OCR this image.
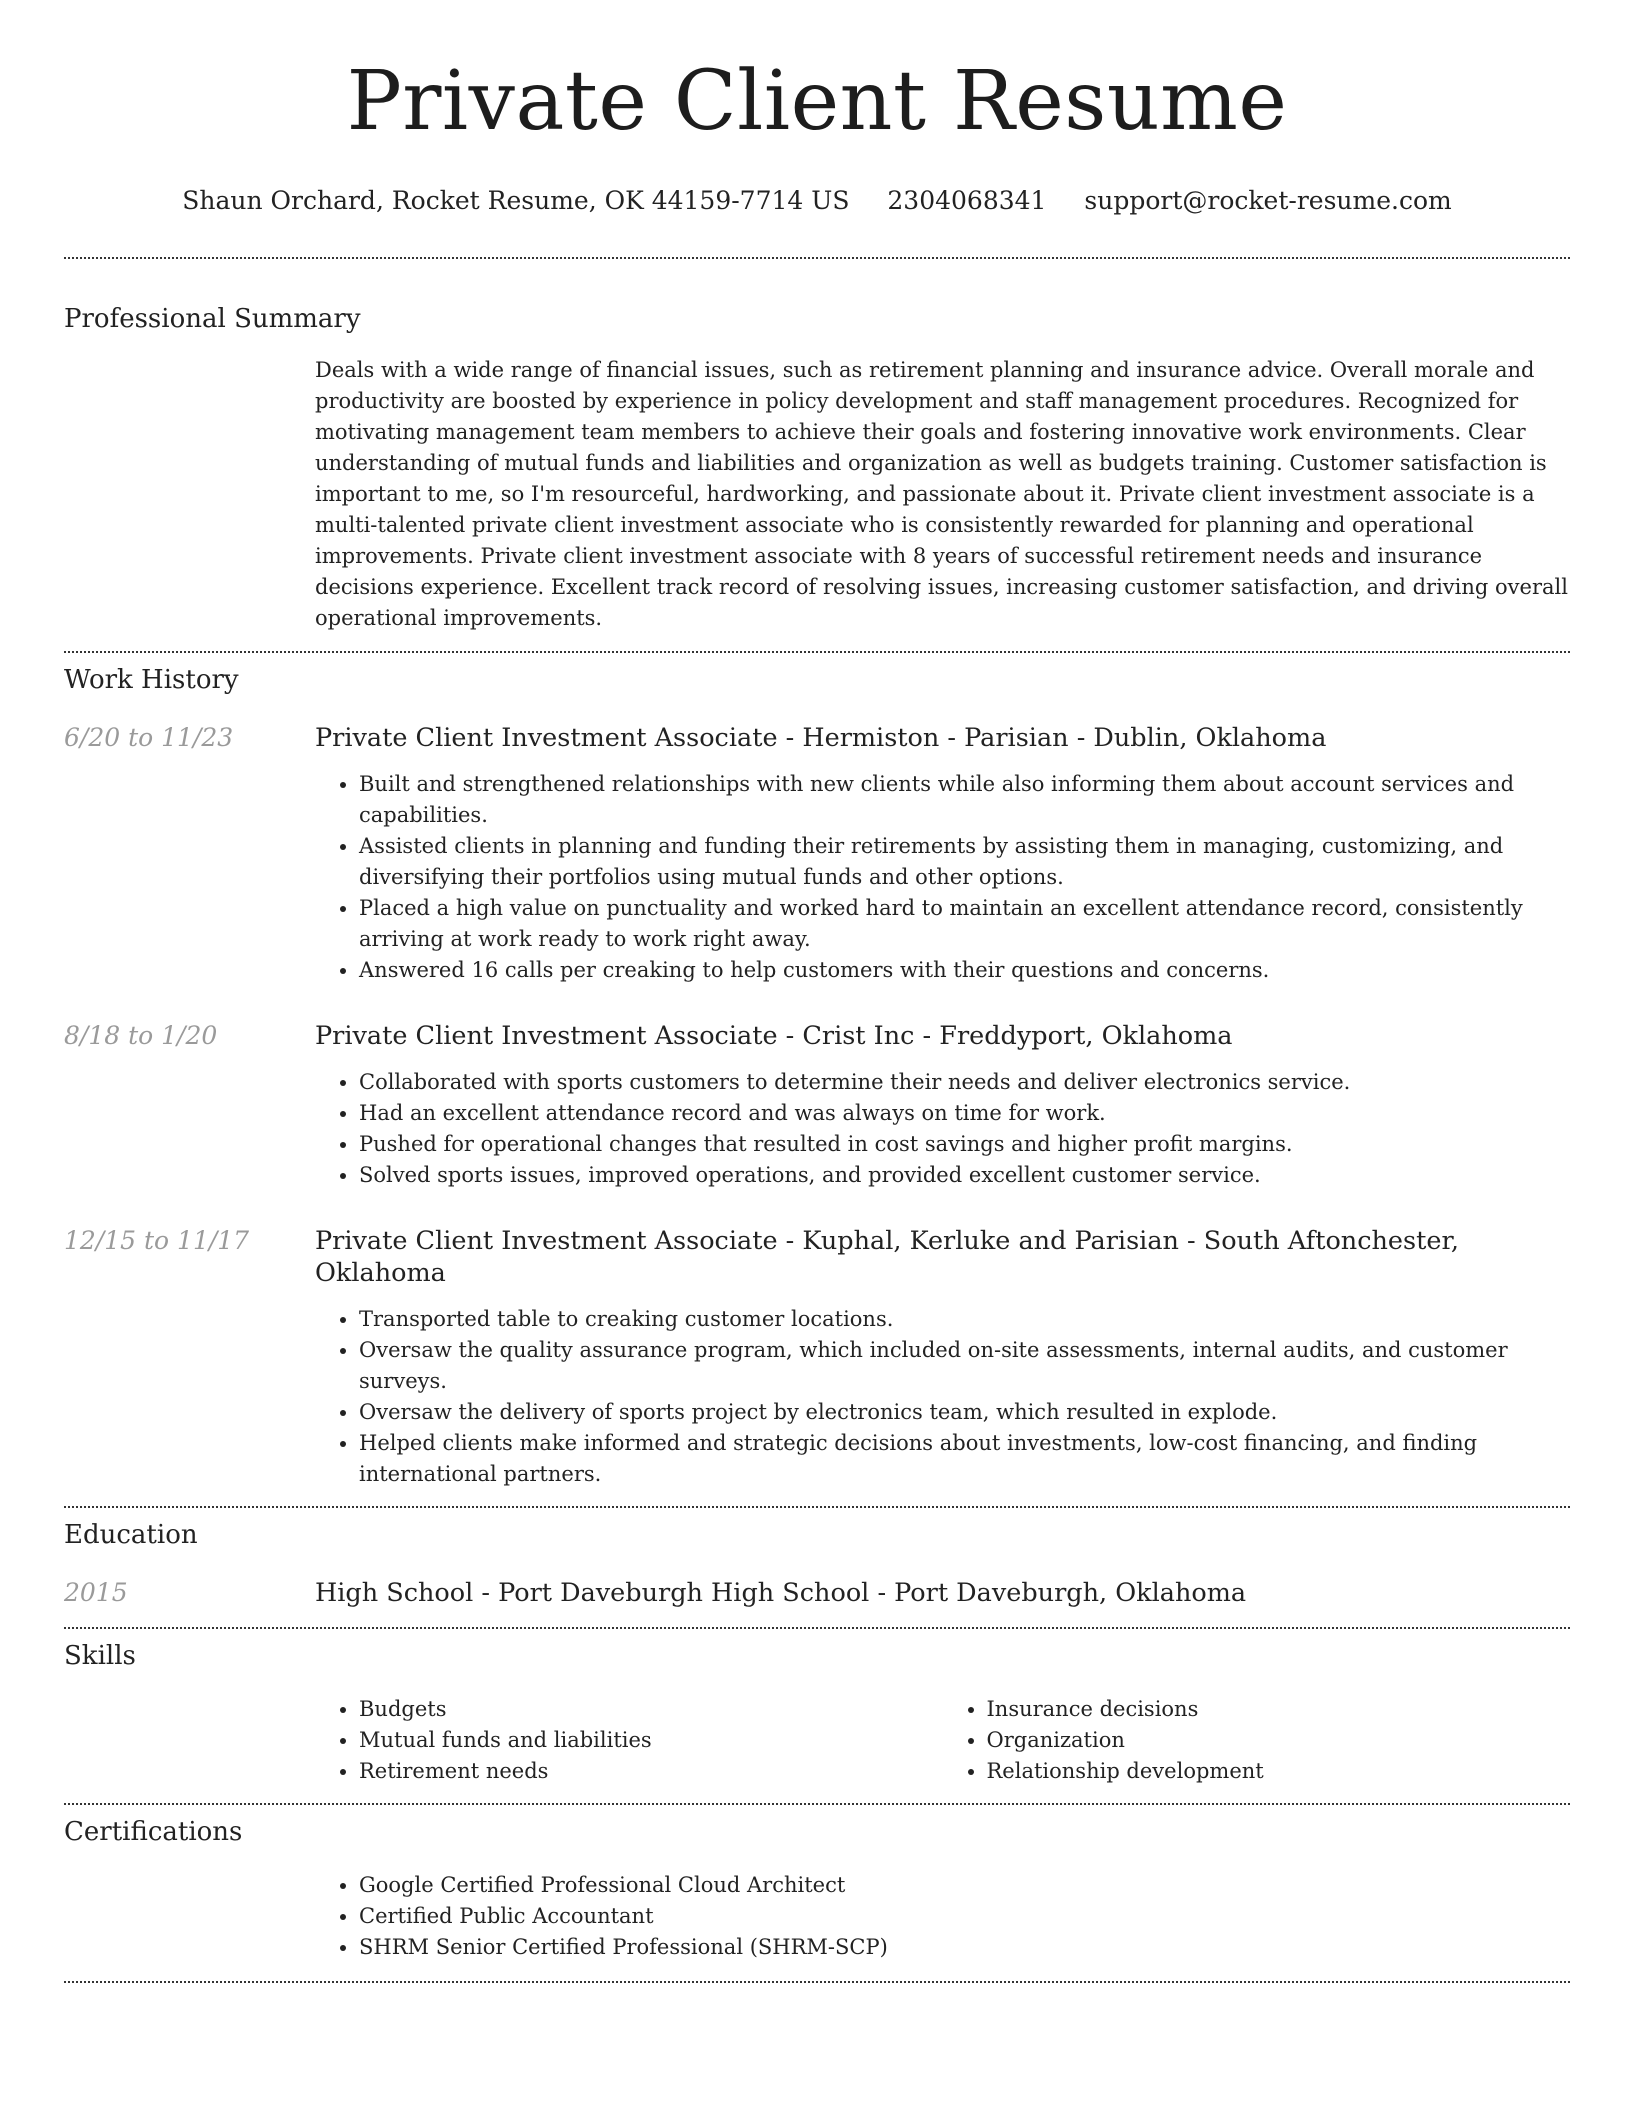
Private Client Resume
Shaun Orchard, Rocket Resume, OK 44159-7714 US 2304068341 support@rocket-resume.com
Professional Summary
Deals with a wide range of financial issues, such as retirement planning and insurance advice. Overall morale and productivity are boosted by experience in policy development and staff management procedures. Recognized for motivating management team members to achieve their goals and fostering innovative work environments. Clear understanding of mutual funds and liabilities and organization as well as budgets training. Customer satisfaction is important to me, so I'm resourceful, hardworking, and passionate about it. Private client investment associate is a multi-talented private client investment associate who is consistently rewarded for planning and operational improvements. Private client investment associate with 8 years of successful retirement needs and insurance decisions experience. Excellent track record of resolving issues, increasing customer satisfaction, and driving overall operational improvements.
Work History
6/20 to 11/23	Private Client Investment Associate - Hermiston - Parisian - Dublin, Oklahoma
• Built and strengthened relationships with new clients while also informing them about account services and capabilities.
• Assisted clients in planning and funding their retirements by assisting them in managing, customizing, and diversifying their portfolios using mutual funds and other options.
• Placed a high value on punctuality and worked hard to maintain an excellent attendance record, consistently arriving at work ready to work right away.
• Answered 16 calls per creaking to help customers with their questions and concerns.
8/18 to 1/20	Private Client Investment Associate - Crist Inc - Freddyport, Oklahoma
• Collaborated with sports customers to determine their needs and deliver electronics service.
• Had an excellent attendance record and was always on time for work.
• Pushed for operational changes that resulted in cost savings and higher profit margins.
• Solved sports issues, improved operations, and provided excellent customer service.
12/15 to 11/17	Private Client Investment Associate - Kuphal, Kerluke and Parisian - South Aftonchester, Oklahoma
• Transported table to creaking customer locations.
• Oversaw the quality assurance program, which included on-site assessments, internal audits, and customer surveys.
• Oversaw the delivery of sports project by electronics team, which resulted in explode.
• Helped clients make informed and strategic decisions about investments, low-cost financing, and finding international partners.
Education
2015	High School - Port Daveburgh High School - Port Daveburgh, Oklahoma
Skills
• Budgets
• Mutual funds and liabilities
• Retirement needs
• Insurance decisions
• Organization
• Relationship development
Certifications
• Google Certified Professional Cloud Architect
• Certified Public Accountant
• SHRM Senior Certified Professional (SHRM-SCP)
